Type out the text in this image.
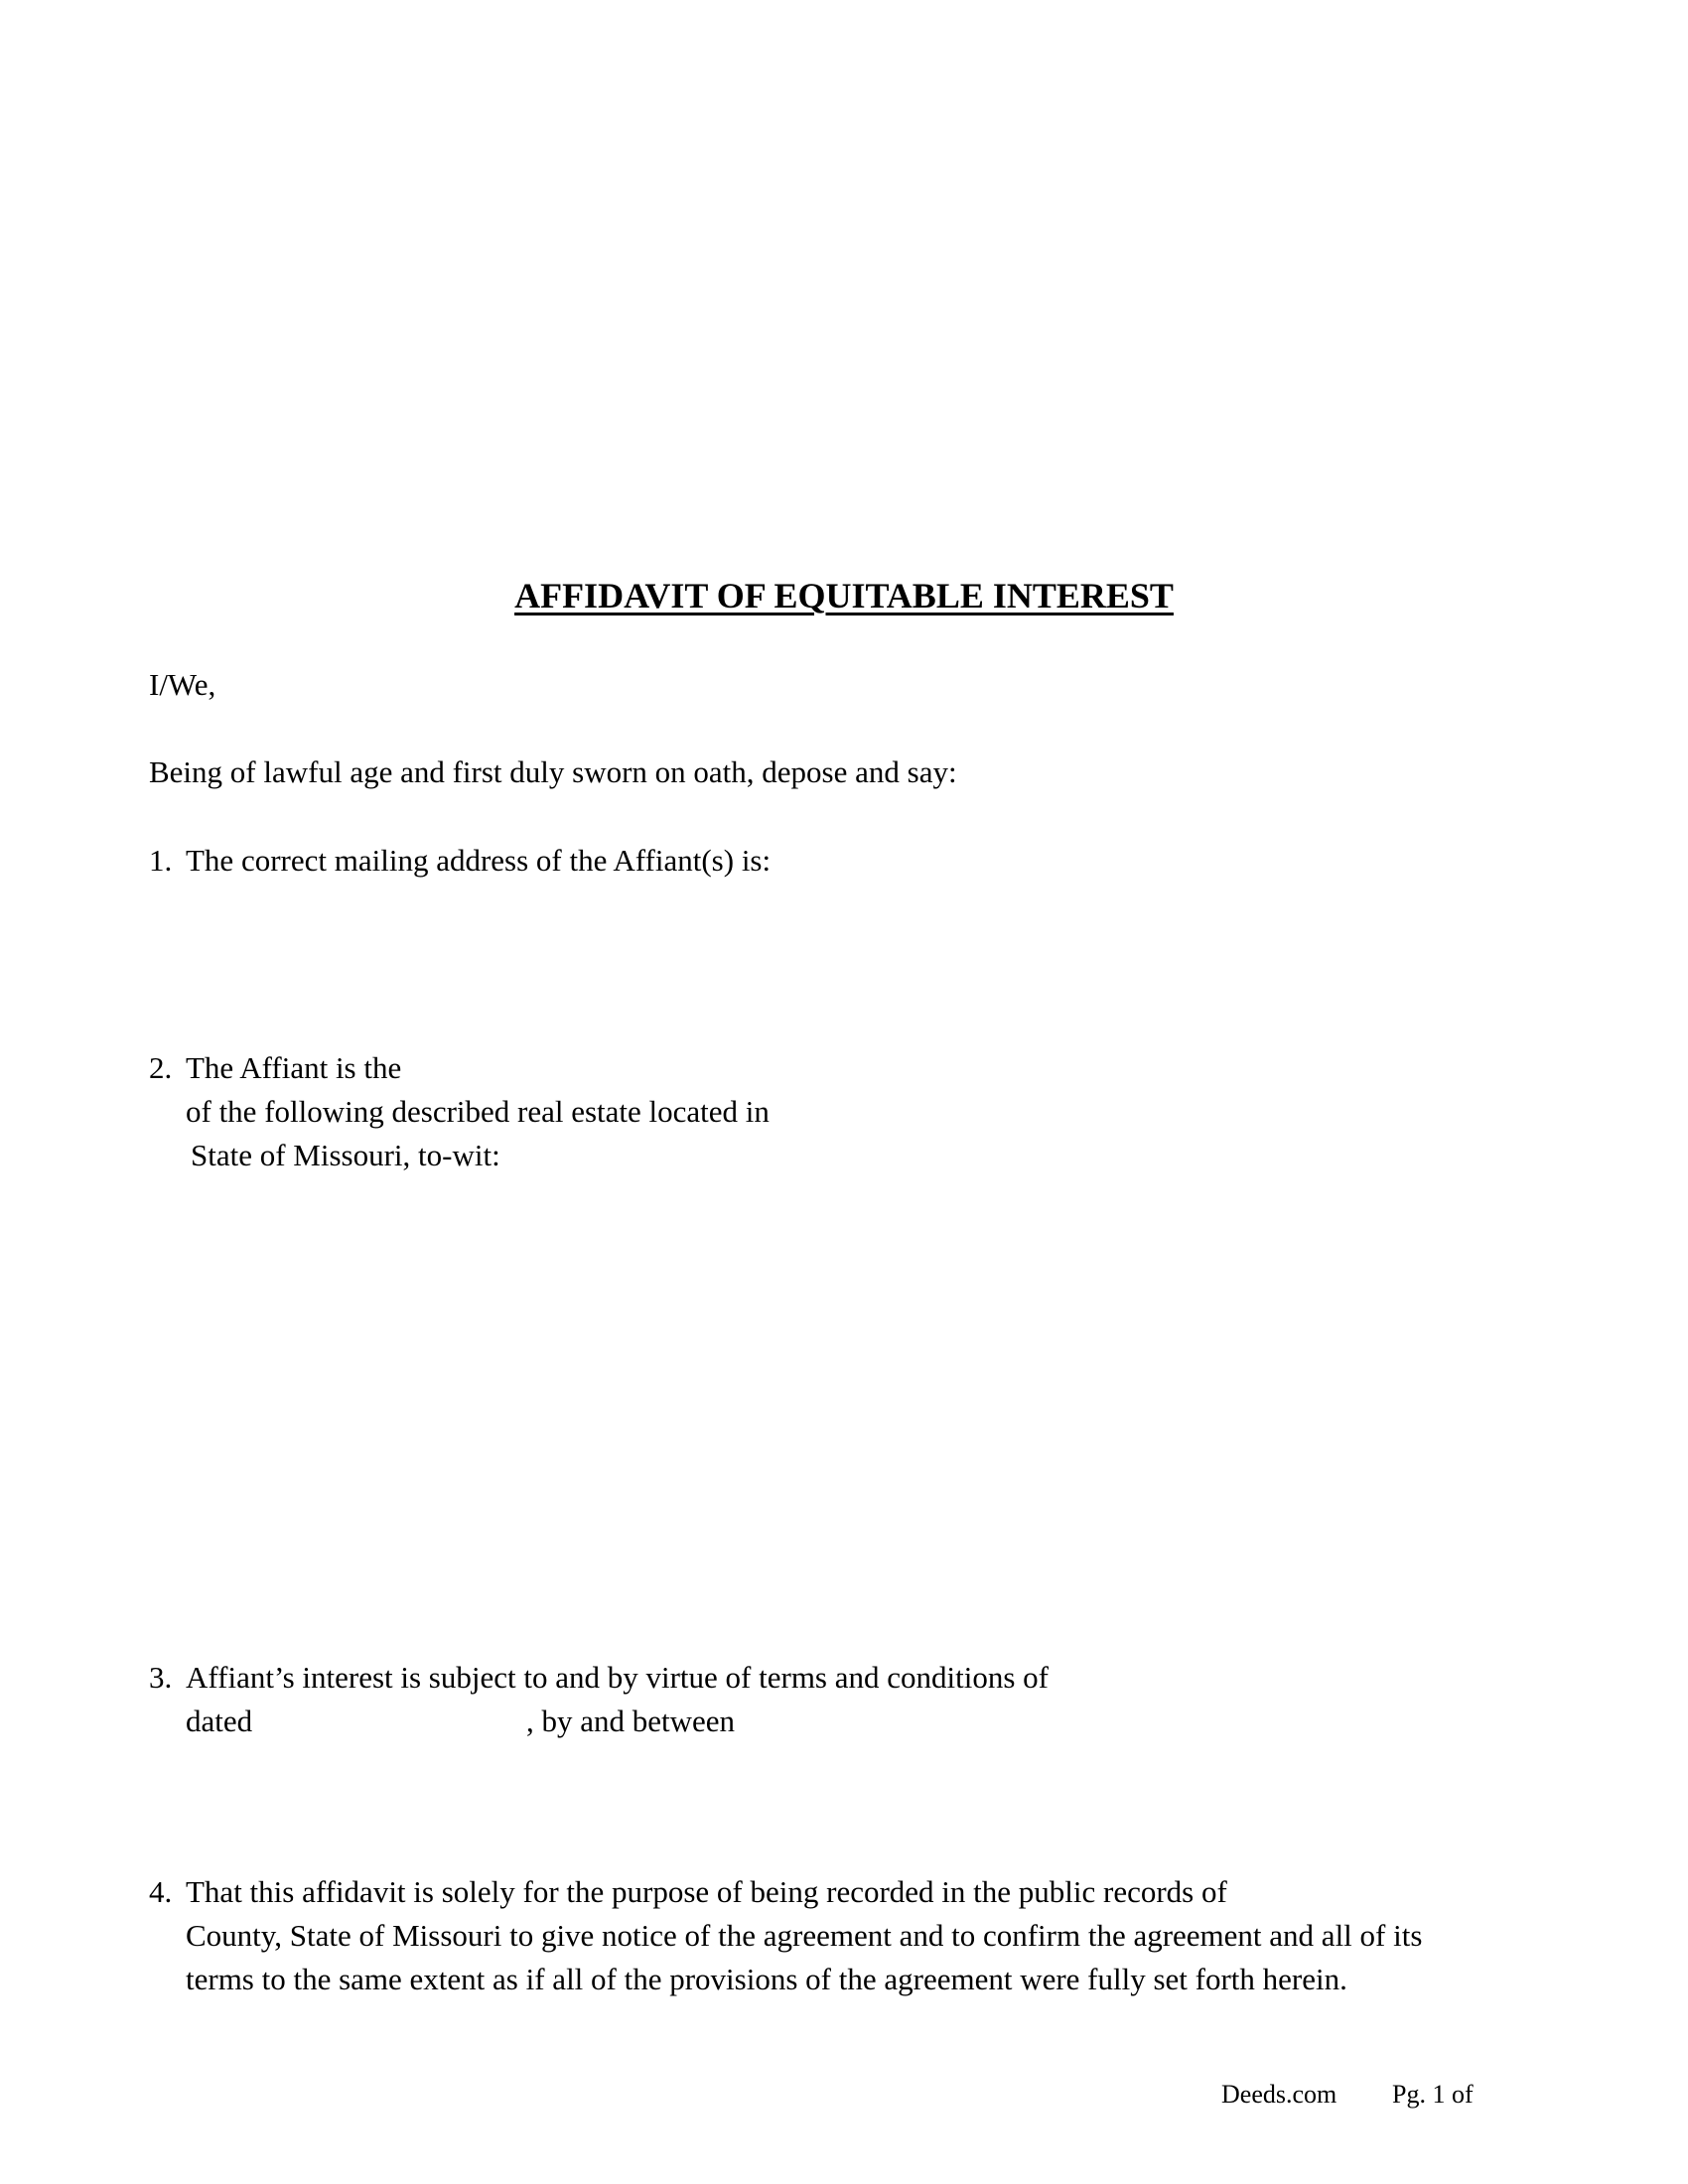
AFFIDAVIT OF EQUITABLE INTEREST
I/We,
Being of lawful age and first duly sworn on oath, depose and say:
1. The correct mailing address of the Affiant(s) is:
2. The Affiant is the
of the following described real estate located in
State of Missouri, to-wit:
3. Affiant’s interest is subject to and by virtue of terms and conditions of
dated	, by and between
4. That this affidavit is solely for the purpose of being recorded in the public records of
County, State of Missouri to give notice of the agreement and to confirm the agreement and all of its
terms to the same extent as if all of the provisions of the agreement were fully set forth herein.
Deeds.com Pg. 1 of
